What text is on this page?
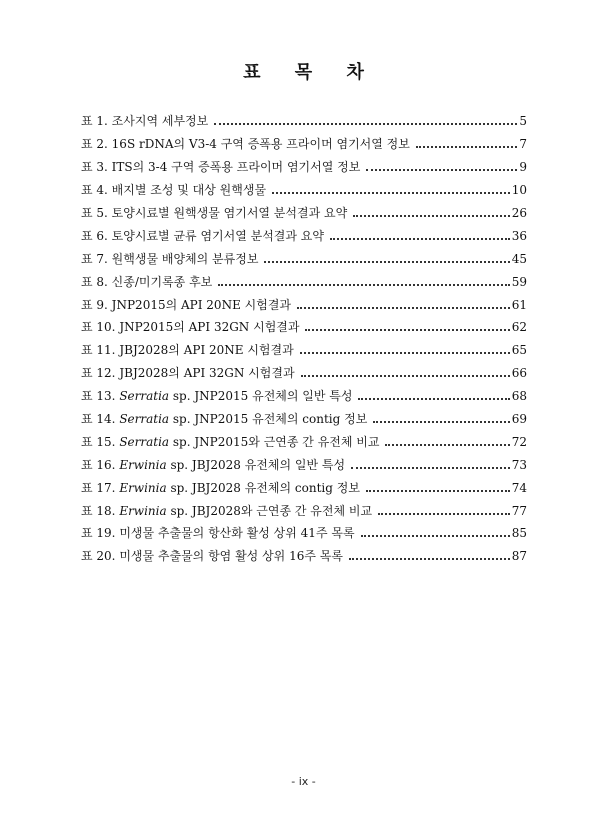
표 목 차
표 1. 조사지역 세부정보	5
표 2. 16S rDNA의 V3-4 구역 증폭용 프라이머 염기서열 정보	7
표 3. ITS의 3-4 구역 증폭용 프라이머 염기서열 정보	9
표 4. 배지별 조성 및 대상 원핵생물	10
표 5. 토양시료별 원핵생물 염기서열 분석결과 요약	26
표 6. 토양시료별 균류 염기서열 분석결과 요약	36
표 7. 원핵생물 배양체의 분류정보	45
표 8. 신종/미기록종 후보	59
표 9. JNP2015의 API 20NE 시험결과	61
표 10. JNP2015의 API 32GN 시험결과	62
표 11. JBJ2028의 API 20NE 시험결과	65
표 12. JBJ2028의 API 32GN 시험결과	66
표 13. Serratia sp. JNP2015 유전체의 일반 특성	68
표 14. Serratia sp. JNP2015 유전체의 contig 정보	69
표 15. Serratia sp. JNP2015와 근연종 간 유전체 비교	72
표 16. Erwinia sp. JBJ2028 유전체의 일반 특성	73
표 17. Erwinia sp. JBJ2028 유전체의 contig 정보	74
표 18. Erwinia sp. JBJ2028와 근연종 간 유전체 비교	77
표 19. 미생물 추출물의 항산화 활성 상위 41주 목록	85
표 20. 미생물 추출물의 항염 활성 상위 16주 목록	87
- ix -
